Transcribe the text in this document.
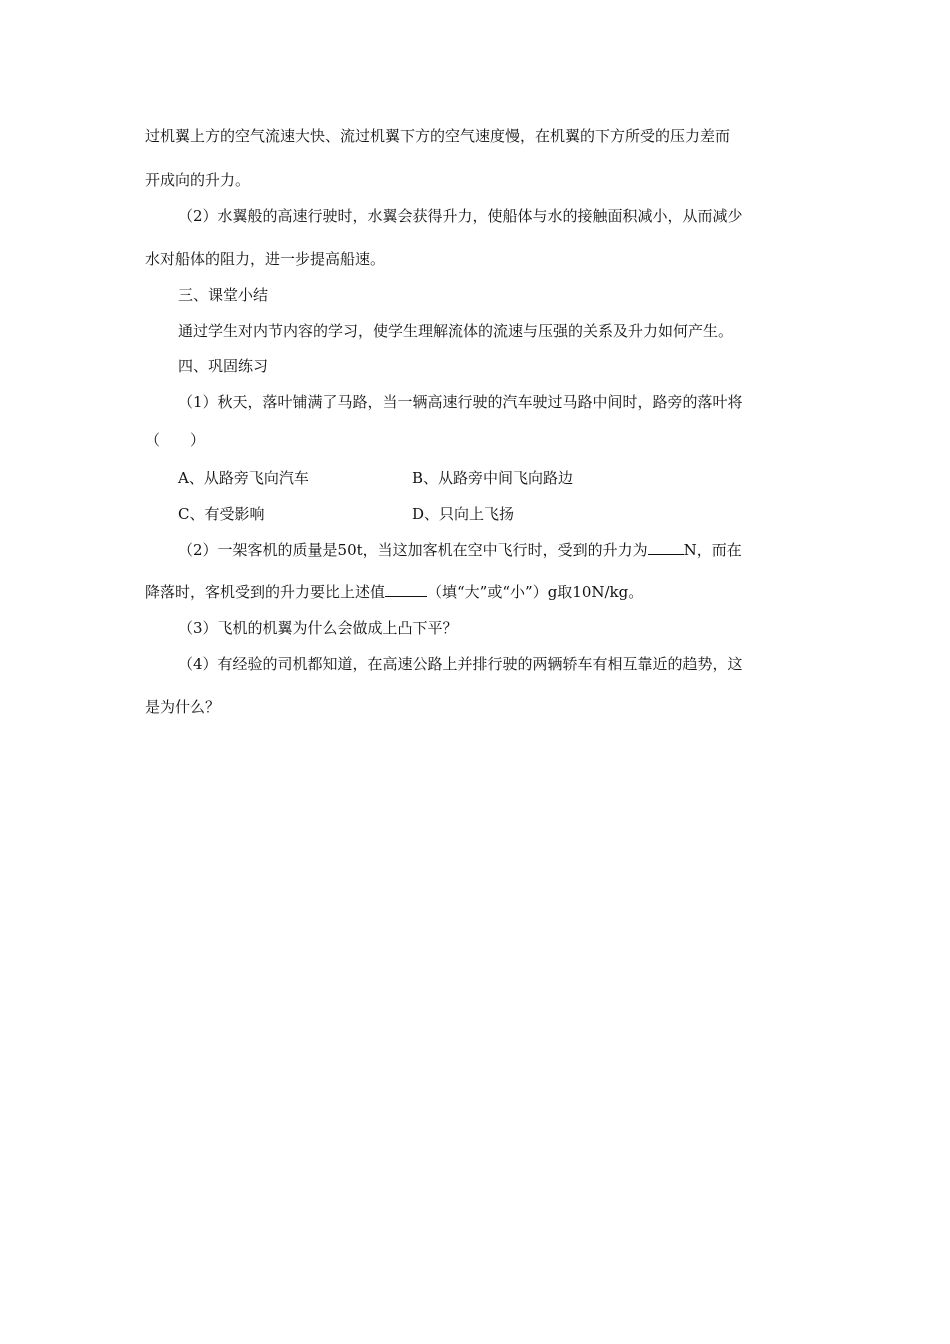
过机翼上方的空气流速大快、流过机翼下方的空气速度慢，在机翼的下方所受的压力差而
开成向的升力。
（2）水翼般的高速行驶时，水翼会获得升力，使船体与水的接触面积减小，从而减少
水对船体的阻力，进一步提高船速。
三、课堂小结
通过学生对内节内容的学习，使学生理解流体的流速与压强的关系及升力如何产生。
四、巩固练习
（1）秋天，落叶铺满了马路，当一辆高速行驶的汽车驶过马路中间时，路旁的落叶将
（　　）
A、从路旁飞向汽车	B、从路旁中间飞向路边
C、有受影响	D、只向上飞扬
（2）一架客机的质量是50t，当这加客机在空中飞行时，受到的升力为 N，而在
降落时，客机受到的升力要比上述值	（填“大”或“小”）g取10N/kg。
（3）飞机的机翼为什么会做成上凸下平？
（4）有经验的司机都知道，在高速公路上并排行驶的两辆轿车有相互靠近的趋势，这
是为什么？
